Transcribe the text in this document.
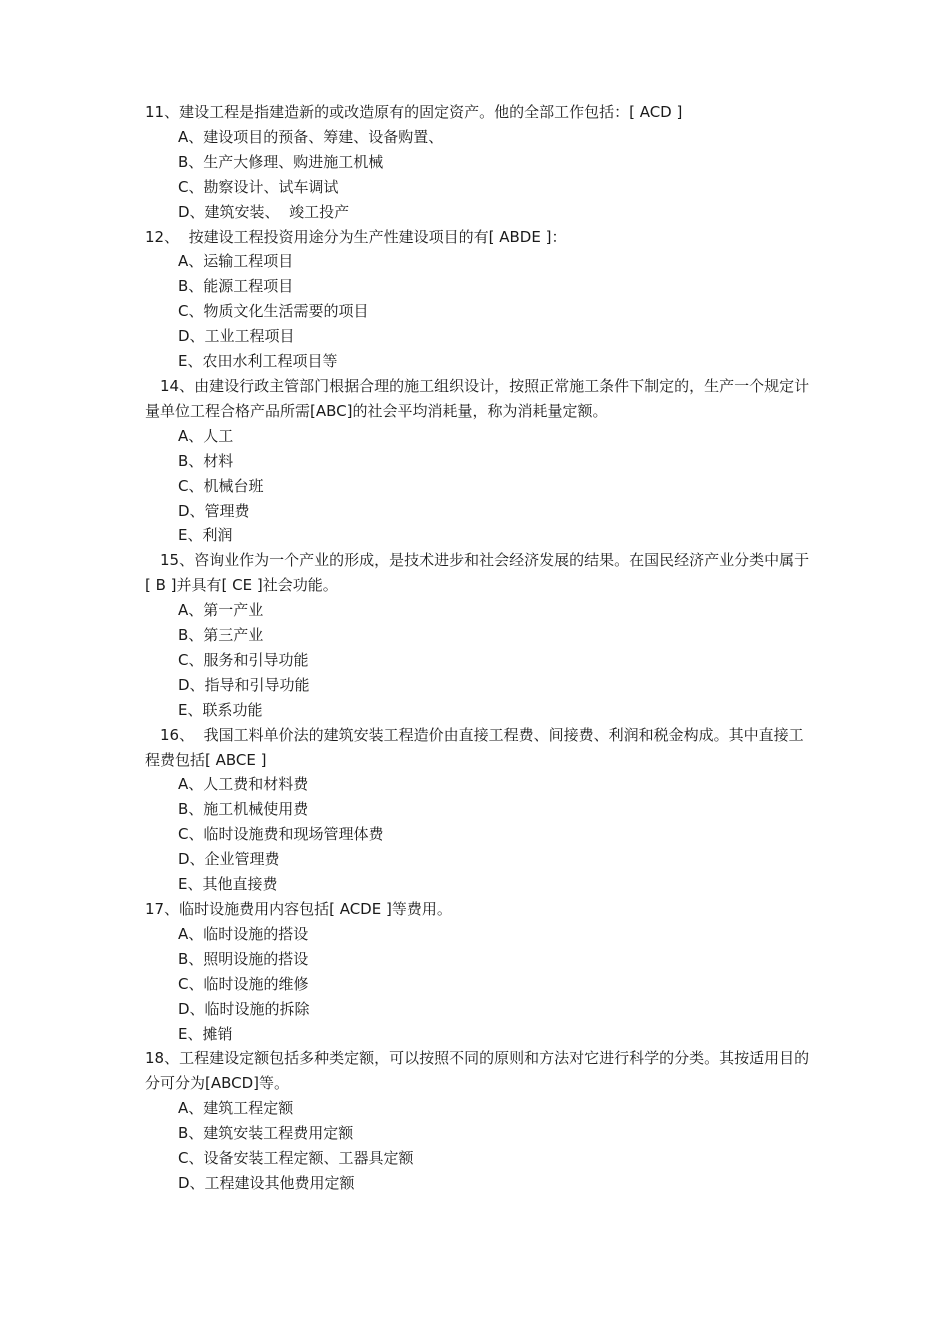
11、建设工程是指建造新的或改造原有的固定资产。他的全部工作包括：[ ACD ]

A、建设项目的预备、筹建、设备购置、

B、生产大修理、购进施工机械

C、勘察设计、试车调试

D、建筑安装、  竣工投产

12、  按建设工程投资用途分为生产性建设项目的有[ ABDE ]：

A、运输工程项目

B、能源工程项目

C、物质文化生活需要的项目

D、工业工程项目

E、农田水利工程项目等

14、由建设行政主管部门根据合理的施工组织设计，按照正常施工条件下制定的，生产一个规定计量单位工程合格产品所需[ABC]的社会平均消耗量，称为消耗量定额。

A、人工

B、材料

C、机械台班

D、管理费

E、利润

15、咨询业作为一个产业的形成，是技术进步和社会经济发展的结果。在国民经济产业分类中属于[ B ]并具有[ CE ]社会功能。

A、第一产业

B、第三产业

C、服务和引导功能

D、指导和引导功能

E、联系功能

16、  我国工料单价法的建筑安装工程造价由直接工程费、间接费、利润和税金构成。其中直接工程费包括[ ABCE ]

A、人工费和材料费

B、施工机械使用费

C、临时设施费和现场管理体费

D、企业管理费

E、其他直接费

17、临时设施费用内容包括[ ACDE ]等费用。

A、临时设施的搭设

B、照明设施的搭设

C、临时设施的维修

D、临时设施的拆除

E、摊销

18、工程建设定额包括多种类定额，可以按照不同的原则和方法对它进行科学的分类。其按适用目的分可分为[ABCD]等。

A、建筑工程定额

B、建筑安装工程费用定额

C、设备安装工程定额、工器具定额

D、工程建设其他费用定额
